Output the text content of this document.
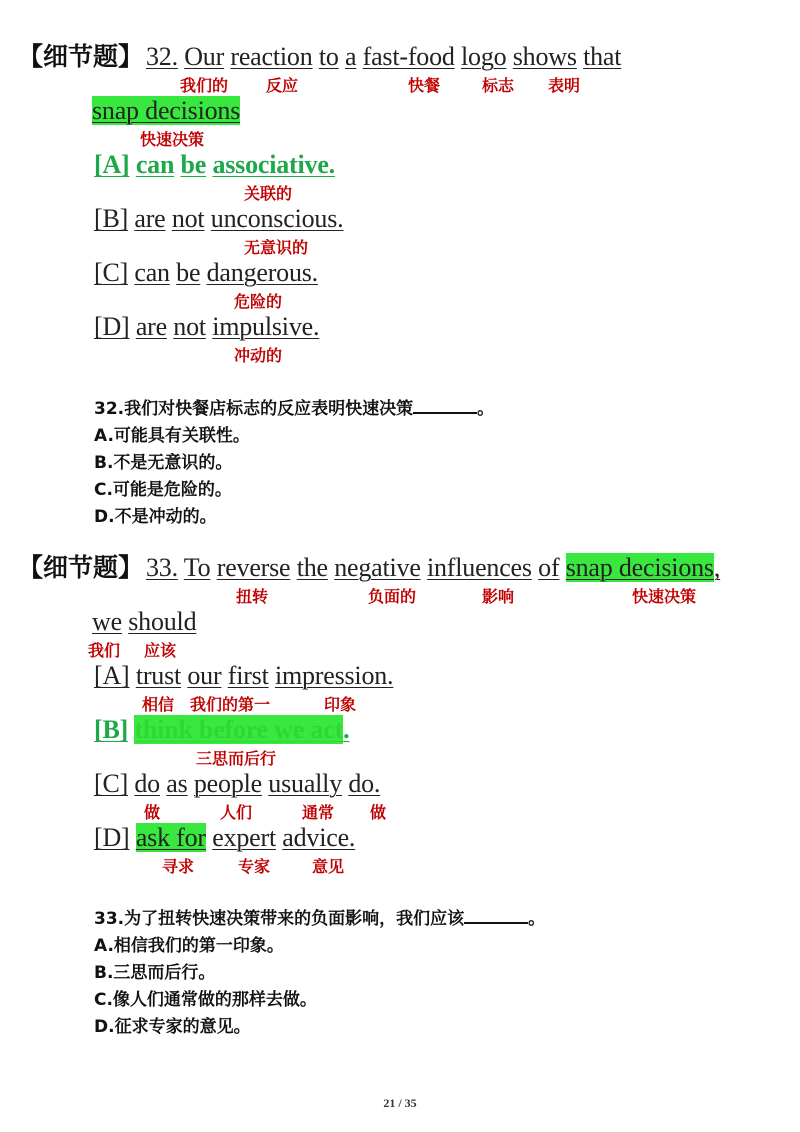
【细节题】 32. Our reaction to a fast-food logo shows that
我们的 反应	快餐	标志 表明
snap decisions
快速决策
[A] can be associative.
关联的
[B] are not unconscious.
无意识的
[C] can be dangerous.
危险的
[D] are not impulsive.
冲动的
32.我们对快餐店标志的反应表明快速决策	。
A.可能具有关联性。
B.不是无意识的。
C.可能是危险的。
D.不是冲动的。
【细节题】 33. To reverse the negative influences of snap decisions,
扭转	负面的	影响	快速决策
we should
我们 应该
[A] trust our first impression.
相信 我们的第一	印象
[B] think before we act.
三思而后行
[C] do as people usually do.
做	人们	通常 做
[D] ask for expert advice.
寻求	专家	意见
33.为了扭转快速决策带来的负面影响，我们应该	。
A.相信我们的第一印象。
B.三思而后行。
C.像人们通常做的那样去做。
D.征求专家的意见。
21 / 35
